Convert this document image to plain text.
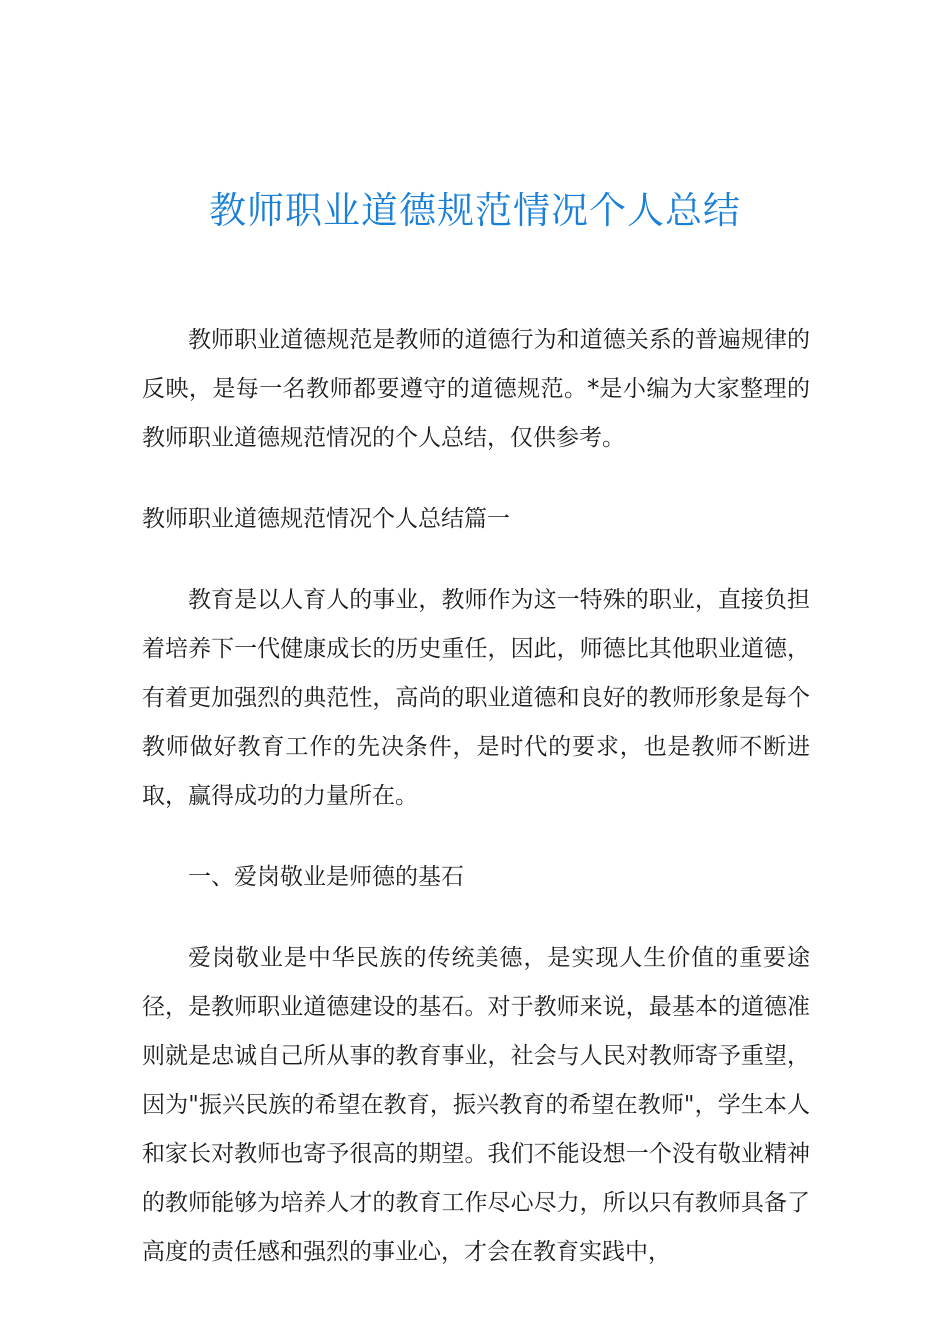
教师职业道德规范情况个人总结

教师职业道德规范是教师的道德行为和道德关系的普遍规律的反映，是每一名教师都要遵守的道德规范。*是小编为大家整理的教师职业道德规范情况的个人总结，仅供参考。

教师职业道德规范情况个人总结篇一

教育是以人育人的事业，教师作为这一特殊的职业，直接负担着培养下一代健康成长的历史重任，因此，师德比其他职业道德，有着更加强烈的典范性，高尚的职业道德和良好的教师形象是每个教师做好教育工作的先决条件，是时代的要求，也是教师不断进取，赢得成功的力量所在。

一、爱岗敬业是师德的基石

爱岗敬业是中华民族的传统美德，是实现人生价值的重要途径，是教师职业道德建设的基石。对于教师来说，最基本的道德准则就是忠诚自己所从事的教育事业，社会与人民对教师寄予重望，因为"振兴民族的希望在教育，振兴教育的希望在教师"，学生本人和家长对教师也寄予很高的期望。我们不能设想一个没有敬业精神的教师能够为培养人才的教育工作尽心尽力，所以只有教师具备了高度的责任感和强烈的事业心，才会在教育实践中，
